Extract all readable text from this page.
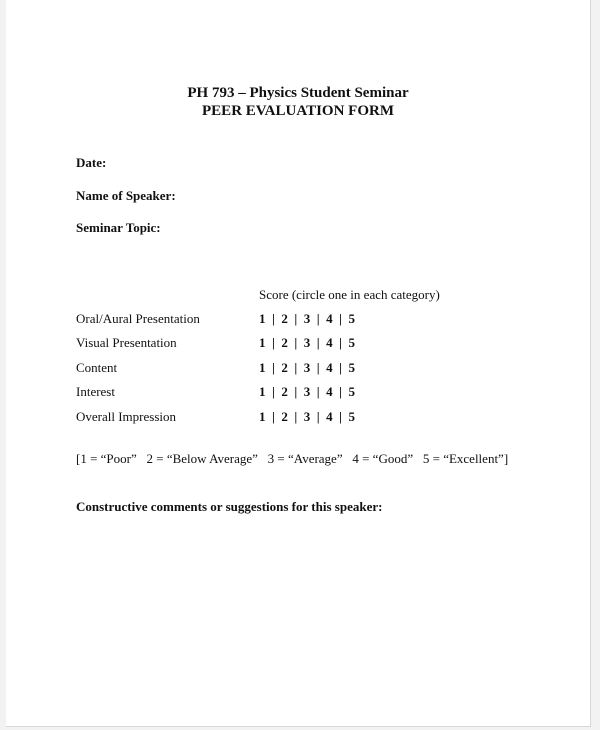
PH 793 – Physics Student Seminar
PEER EVALUATION FORM
Date:
Name of Speaker:
Seminar Topic:
Score (circle one in each category)
Oral/Aural Presentation	1  |  2  |  3  |  4  |  5
Visual Presentation	1  |  2  |  3  |  4  |  5
Content	1  |  2  |  3  |  4  |  5
Interest	1  |  2  |  3  |  4  |  5
Overall Impression	1  |  2  |  3  |  4  |  5
[1 = “Poor”   2 = “Below Average”   3 = “Average”   4 = “Good”   5 = “Excellent”]
Constructive comments or suggestions for this speaker:
